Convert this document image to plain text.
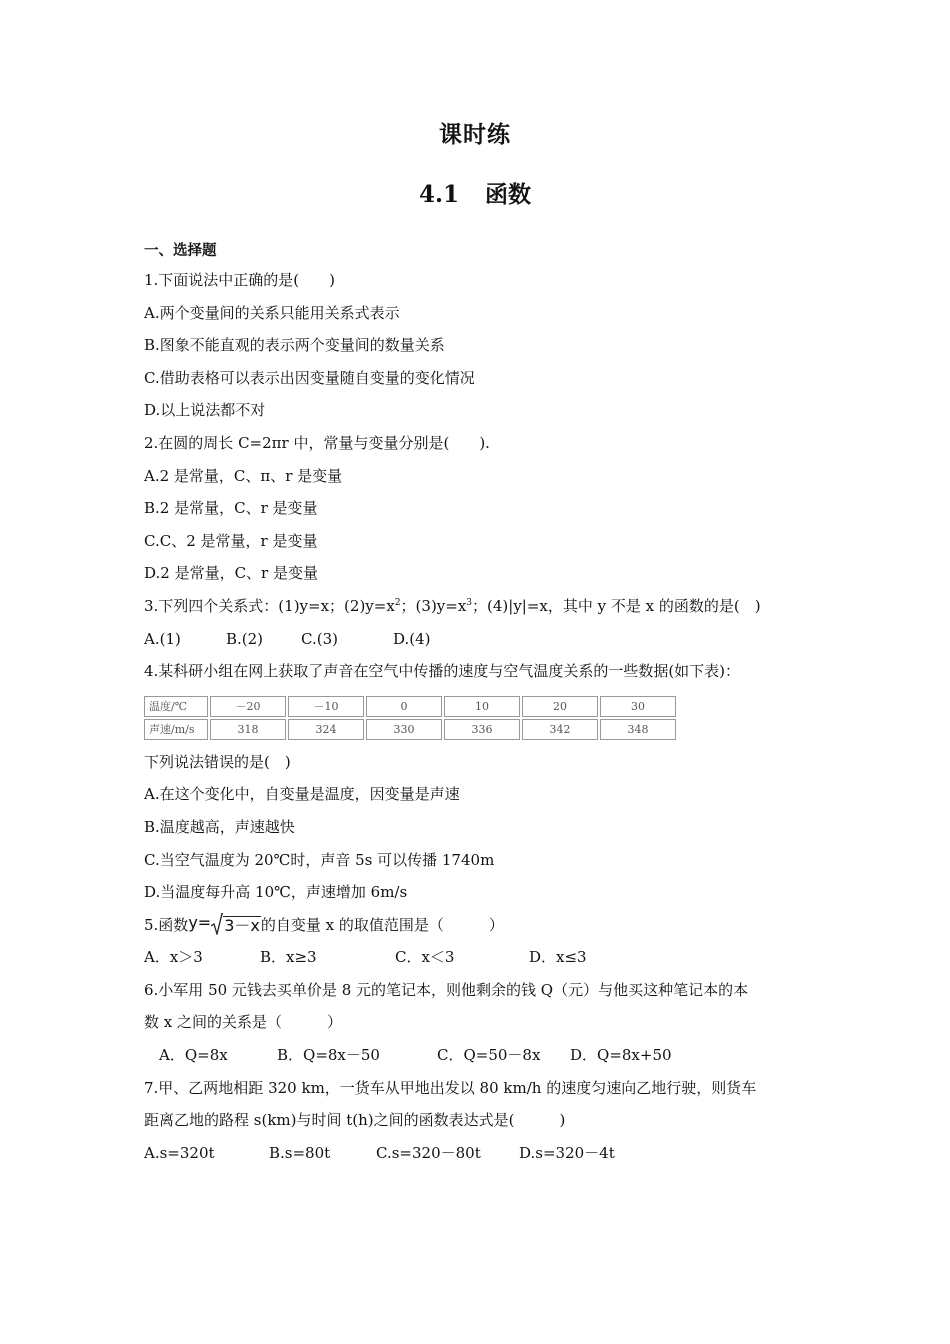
课时练
4.1 函数
一、选择题
1.下面说法中正确的是(　　)
A.两个变量间的关系只能用关系式表示
B.图象不能直观的表示两个变量间的数量关系
C.借助表格可以表示出因变量随自变量的变化情况
D.以上说法都不对
2.在圆的周长 C=2πr 中，常量与变量分别是(　　).
A.2 是常量，C、π、r 是变量
B.2 是常量，C、r 是变量
C.C、2 是常量，r 是变量
D.2 是常量，C、r 是变量
3.下列四个关系式：(1)y=x；$(2)y=x^2$；$(3)y=x^3$；(4)|y|=x，其中 y 不是 x 的函数的是(　)
A.(1)	B.(2)	C.(3)	D.(4)
4.某科研小组在网上获取了声音在空气中传播的速度与空气温度关系的一些数据(如下表)：
温度/℃	－20	－10	0	10	20	30
声速/m/s	318	324	330	336	342	348
下列说法错误的是(　)
A.在这个变化中，自变量是温度，因变量是声速
B.温度越高，声速越快
C.当空气温度为 20℃时，声音 5s 可以传播 1740m
D.当温度每升高 10℃，声速增加 6m/s
5.函数 y= 3－x 的自变量 x 的取值范围是（　　　）
A．x＞3	B．x≥3	C．x＜3	D．x≤3
6.小军用 50 元钱去买单价是 8 元的笔记本，则他剩余的钱 Q（元）与他买这种笔记本的本
数 x 之间的关系是（　　　）
A．Q=8x	B．Q=8x－50	C．Q=50－8x D．Q=8x+50
7.甲、乙两地相距 320 km，一货车从甲地出发以 80 km/h 的速度匀速向乙地行驶，则货车
距离乙地的路程 s(km)与时间 t(h)之间的函数表达式是(　　　)
A.s=320t	B.s=80t	C.s=320－80t	D.s=320－4t
